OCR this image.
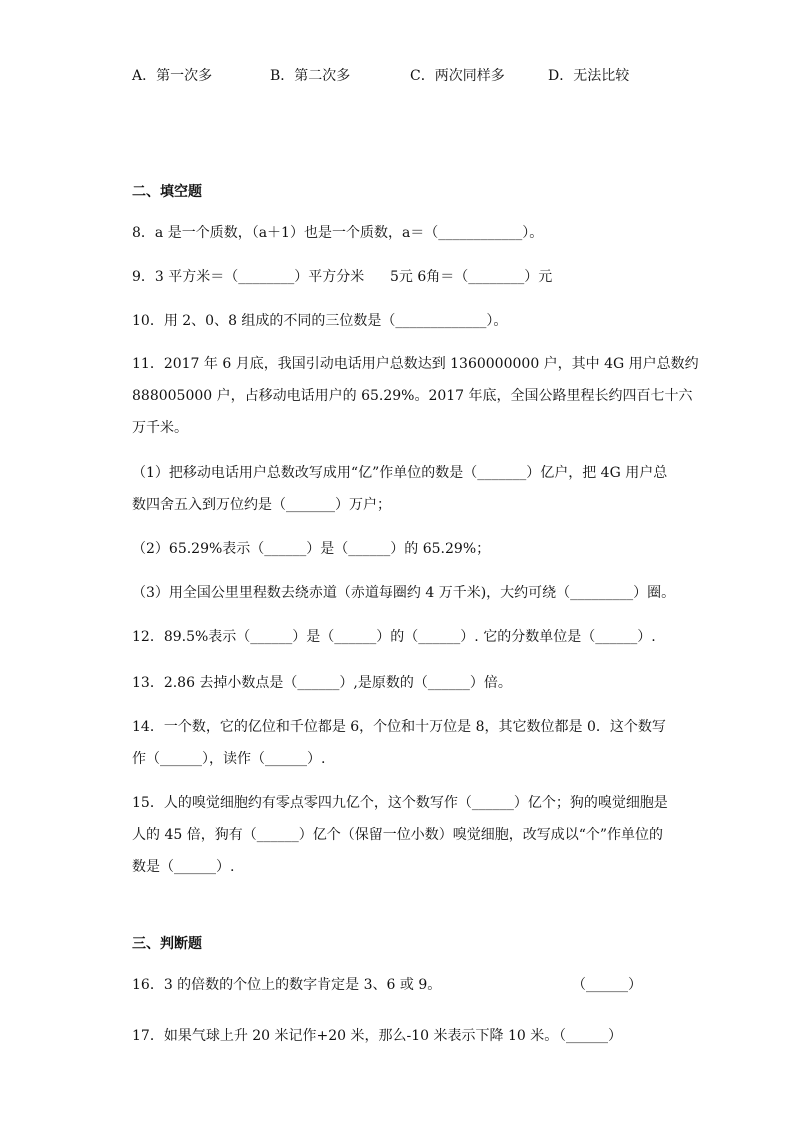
A．第一次多	B．第二次多	C．两次同样多	D．无法比较
二、填空题
8．a 是一个质数，（a＋1）也是一个质数，a＝（____________）。
9．3 平方米＝（________）平方分米 5元 6角＝（________）元
10．用 2、0、8 组成的不同的三位数是（_____________）。
11．2017 年 6 月底，我国引动电话用户总数达到 1360000000 户，其中 4G 用户总数约
888005000 户，占移动电话用户的 65.29%。2017 年底，全国公路里程长约四百七十六
万千米。
（1）把移动电话用户总数改写成用“亿”作单位的数是（_______）亿户，把 4G 用户总
数四舍五入到万位约是（_______）万户；
（2）65.29%表示（______）是（______）的 65.29%；
（3）用全国公里里程数去绕赤道（赤道每圈约 4 万千米)，大约可绕（_________）圈。
12．89.5%表示（______）是（______）的（______）. 它的分数单位是（______）.
13．2.86 去掉小数点是（______）,是原数的（______）倍。
14．一个数，它的亿位和千位都是 6，个位和十万位是 8，其它数位都是 0．这个数写
作（______），读作（______）.
15．人的嗅觉细胞约有零点零四九亿个，这个数写作（______）亿个；狗的嗅觉细胞是
人的 45 倍，狗有（______）亿个（保留一位小数）嗅觉细胞，改写成以“个”作单位的
数是（______）.
三、判断题
16．3 的倍数的个位上的数字肯定是 3、6 或 9。	（______）
17．如果气球上升 20 米记作+20 米，那么-10 米表示下降 10 米。
（______）
